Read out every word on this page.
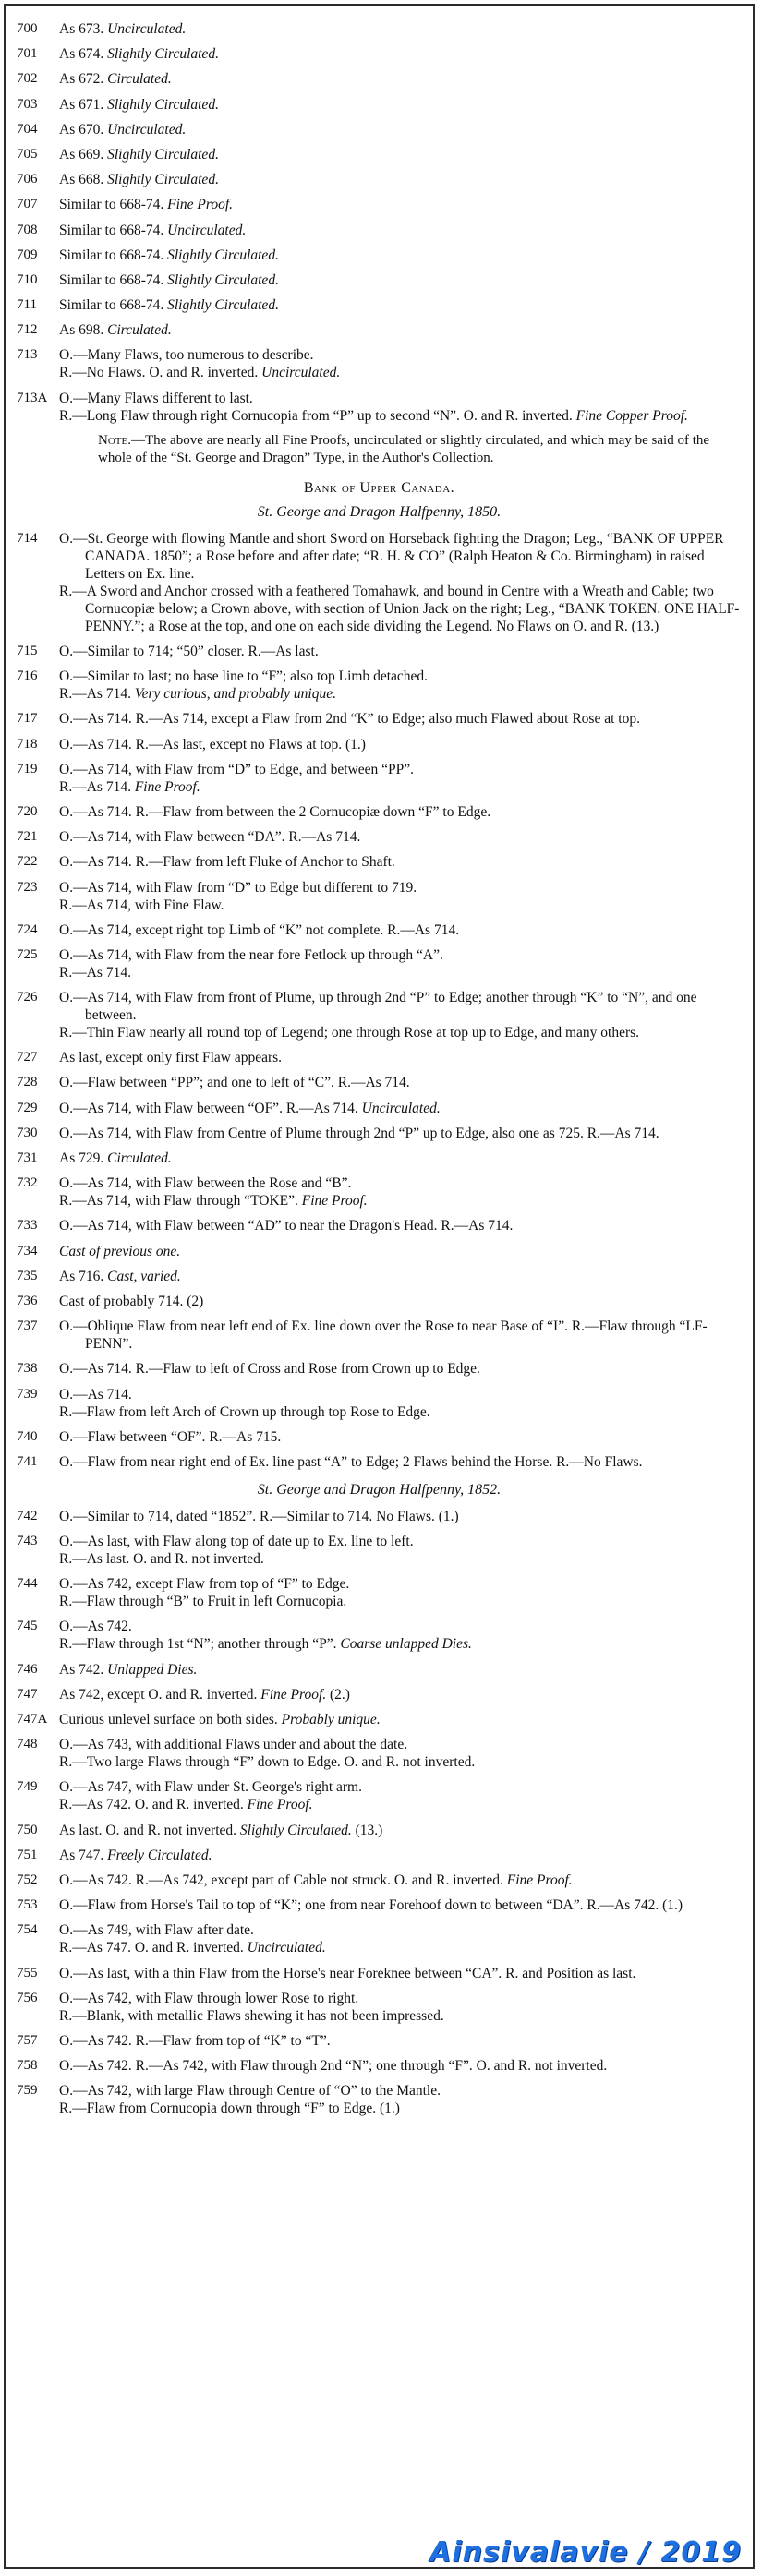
700	As 673. Uncirculated.
701	As 674. Slightly Circulated.
702	As 672. Circulated.
703	As 671. Slightly Circulated.
704	As 670. Uncirculated.
705	As 669. Slightly Circulated.
706	As 668. Slightly Circulated.
707	Similar to 668-74. Fine Proof.
708	Similar to 668-74. Uncirculated.
709	Similar to 668-74. Slightly Circulated.
710	Similar to 668-74. Slightly Circulated.
711	Similar to 668-74. Slightly Circulated.
712	As 698. Circulated.
713	O.—Many Flaws, too numerous to describe.
R.—No Flaws. O. and R. inverted. Uncirculated.
713A O.—Many Flaws different to last.
R.—Long Flaw through right Cornucopia from “P” up to second “N”. O. and R. inverted. Fine Copper Proof.
Note.—The above are nearly all Fine Proofs, uncirculated or slightly circulated, and which may be said of the whole of the “St. George and Dragon” Type, in the Author's Collection.
Bank of Upper Canada.
St. George and Dragon Halfpenny, 1850.
714	O.—St. George with flowing Mantle and short Sword on Horseback fighting the Dragon; Leg., “BANK OF UPPER CANADA. 1850”; a Rose before and after date; “R. H. & CO” (Ralph Heaton & Co. Birmingham) in raised Letters on Ex. line.
R.—A Sword and Anchor crossed with a feathered Tomahawk, and bound in Centre with a Wreath and Cable; two Cornucopiæ below; a Crown above, with section of Union Jack on the right; Leg., “BANK TOKEN. ONE HALF-PENNY.”; a Rose at the top, and one on each side dividing the Legend. No Flaws on O. and R. (13.)
715	O.—Similar to 714; “50” closer. R.—As last.
716	O.—Similar to last; no base line to “F”; also top Limb detached.
R.—As 714. Very curious, and probably unique.
717	O.—As 714. R.—As 714, except a Flaw from 2nd “K” to Edge; also much Flawed about Rose at top.
718	O.—As 714. R.—As last, except no Flaws at top. (1.)
719	O.—As 714, with Flaw from “D” to Edge, and between “PP”.
R.—As 714. Fine Proof.
720	O.—As 714. R.—Flaw from between the 2 Cornucopiæ down “F” to Edge.
721	O.—As 714, with Flaw between “DA”. R.—As 714.
722	O.—As 714. R.—Flaw from left Fluke of Anchor to Shaft.
723	O.—As 714, with Flaw from “D” to Edge but different to 719.
R.—As 714, with Fine Flaw.
724	O.—As 714, except right top Limb of “K” not complete. R.—As 714.
725	O.—As 714, with Flaw from the near fore Fetlock up through “A”.
R.—As 714.
726	O.—As 714, with Flaw from front of Plume, up through 2nd “P” to Edge; another through “K” to “N”, and one between.
R.—Thin Flaw nearly all round top of Legend; one through Rose at top up to Edge, and many others.
727	As last, except only first Flaw appears.
728	O.—Flaw between “PP”; and one to left of “C”. R.—As 714.
729	O.—As 714, with Flaw between “OF”. R.—As 714. Uncirculated.
730	O.—As 714, with Flaw from Centre of Plume through 2nd “P” up to Edge, also one as 725. R.—As 714.
731	As 729. Circulated.
732	O.—As 714, with Flaw between the Rose and “B”.
R.—As 714, with Flaw through “TOKE”. Fine Proof.
733	O.—As 714, with Flaw between “AD” to near the Dragon's Head. R.—As 714.
734	Cast of previous one.
735	As 716. Cast, varied.
736	Cast of probably 714. (2)
737	O.—Oblique Flaw from near left end of Ex. line down over the Rose to near Base of “I”. R.—Flaw through “LF-PENN”.
738	O.—As 714. R.—Flaw to left of Cross and Rose from Crown up to Edge.
739	O.—As 714.
R.—Flaw from left Arch of Crown up through top Rose to Edge.
740	O.—Flaw between “OF”. R.—As 715.
741	O.—Flaw from near right end of Ex. line past “A” to Edge; 2 Flaws behind the Horse. R.—No Flaws.
St. George and Dragon Halfpenny, 1852.
742	O.—Similar to 714, dated “1852”. R.—Similar to 714. No Flaws. (1.)
743	O.—As last, with Flaw along top of date up to Ex. line to left.
R.—As last. O. and R. not inverted.
744	O.—As 742, except Flaw from top of “F” to Edge.
R.—Flaw through “B” to Fruit in left Cornucopia.
745	O.—As 742.
R.—Flaw through 1st “N”; another through “P”. Coarse unlapped Dies.
746	As 742. Unlapped Dies.
747	As 742, except O. and R. inverted. Fine Proof. (2.)
747A Curious unlevel surface on both sides. Probably unique.
748	O.—As 743, with additional Flaws under and about the date.
R.—Two large Flaws through “F” down to Edge. O. and R. not inverted.
749	O.—As 747, with Flaw under St. George's right arm.
R.—As 742. O. and R. inverted. Fine Proof.
750	As last. O. and R. not inverted. Slightly Circulated. (13.)
751	As 747. Freely Circulated.
752	O.—As 742. R.—As 742, except part of Cable not struck. O. and R. inverted. Fine Proof.
753	O.—Flaw from Horse's Tail to top of “K”; one from near Forehoof down to between “DA”. R.—As 742. (1.)
754	O.—As 749, with Flaw after date.
R.—As 747. O. and R. inverted. Uncirculated.
755	O.—As last, with a thin Flaw from the Horse's near Foreknee between “CA”. R. and Position as last.
756	O.—As 742, with Flaw through lower Rose to right.
R.—Blank, with metallic Flaws shewing it has not been impressed.
757	O.—As 742. R.—Flaw from top of “K” to “T”.
758	O.—As 742. R.—As 742, with Flaw through 2nd “N”; one through “F”. O. and R. not inverted.
759	O.—As 742, with large Flaw through Centre of “O” to the Mantle.
R.—Flaw from Cornucopia down through “F” to Edge. (1.)
Ainsivalavie / 2019
